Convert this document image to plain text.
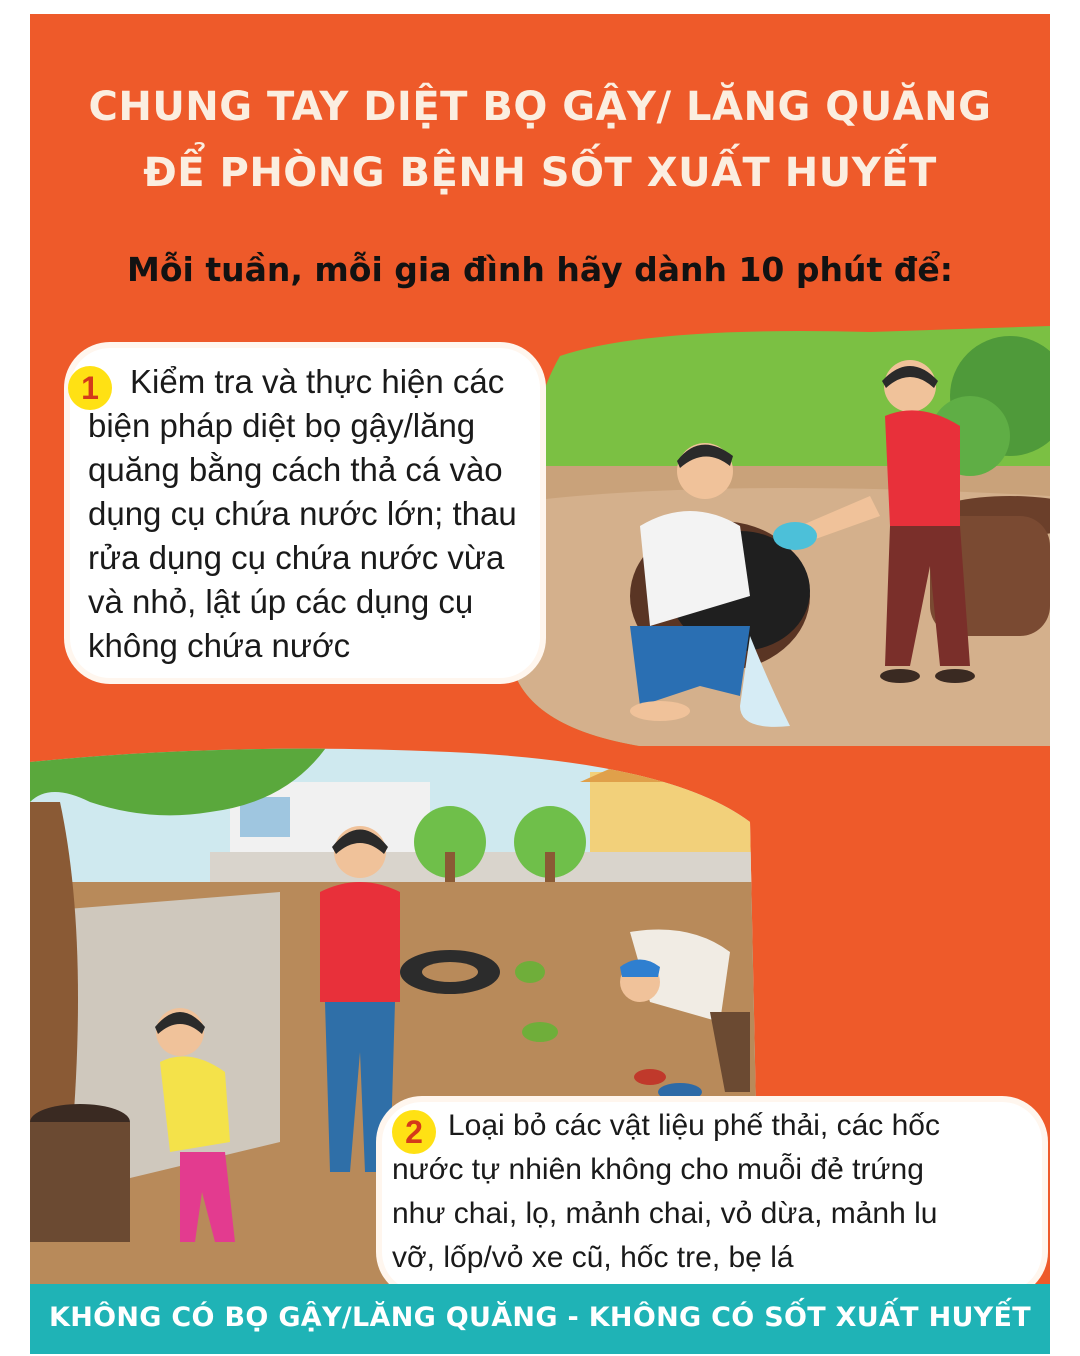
CHUNG TAY DIỆT BỌ GẬY/ LĂNG QUĂNG
ĐỂ PHÒNG BỆNH SỐT XUẤT HUYẾT
Mỗi tuần, mỗi gia đình hãy dành 10 phút để:
1 Kiểm tra và thực hiện các
biện pháp diệt bọ gậy/lăng
quăng bằng cách thả cá vào
dụng cụ chứa nước lớn; thau
rửa dụng cụ chứa nước vừa
và nhỏ, lật úp các dụng cụ
không chứa nước
2 Loại bỏ các vật liệu phế thải, các hốc
nước tự nhiên không cho muỗi đẻ trứng
như chai, lọ, mảnh chai, vỏ dừa, mảnh lu
vỡ, lốp/vỏ xe cũ, hốc tre, bẹ lá
KHÔNG CÓ BỌ GẬY/LĂNG QUĂNG - KHÔNG CÓ SỐT XUẤT HUYẾT
